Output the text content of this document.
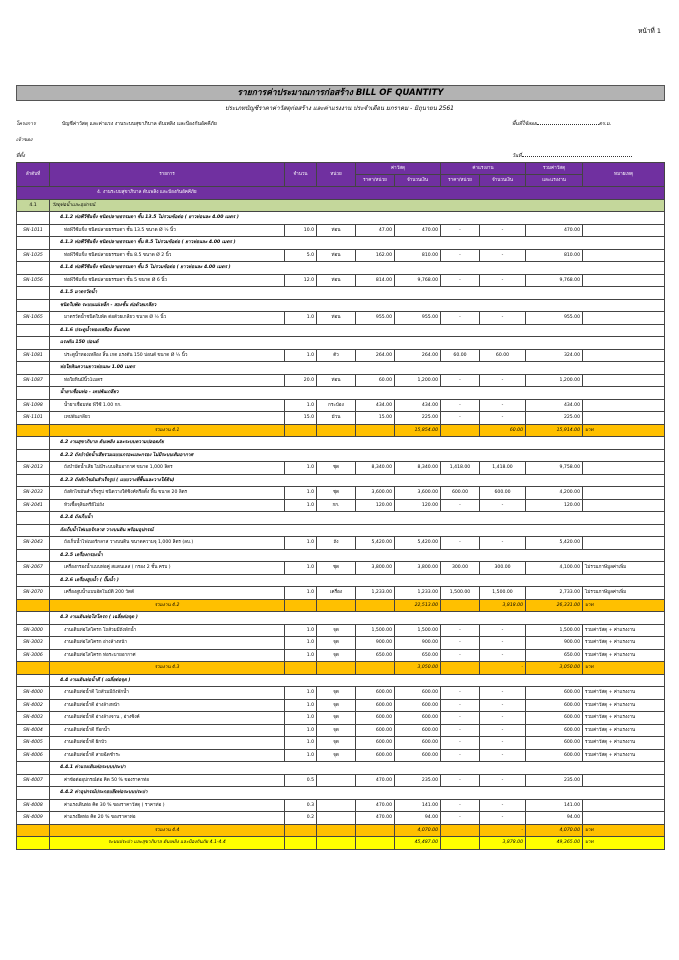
หน้าที่ 1
รายการค่าประมาณการก่อสร้าง BILL OF QUANTITY
ประเภทบัญชีราคาค่าวัสดุก่อสร้าง และค่าแรงงาน ประจำเดือน มกราคม - มิถุนายน 2561
โครงการ	บัญชีค่าวัสดุ และค่าแรง งานระบบสุขาภิบาล ดับเพลิง และป้องกันอัคคีภัย
เจ้าของ
ที่ตั้ง
พื้นที่ใช้สอย	ตร.ม.
วันที่
ลำดับที่	รายการ	จำนวน	หน่วย	ค่าวัสดุ		ค่าแรงงาน		รวมค่าวัสดุ	หมายเหตุ
				ราคา/หน่วย	จำนวนเงิน	ราคา/หน่วย	จำนวนเงิน	และแรงงาน	
4. งานระบบสุขาภิบาล ดับเพลิง และป้องกันอัคคีภัย									
4.1	วัสดุท่อน้ำและอุปกรณ์								
	4.1.2 ท่อพีวีซีแข็ง ชนิดปลายธรรมดา ชั้น 13.5 ไม่รวมข้อต่อ ( ยาวท่อนละ 4.00 เมตร )								
SN-1011	ท่อพีวีซีแข็ง ชนิดปลายธรรมดา ชั้น 13.5 ขนาด Ø ½ นิ้ว	10.0	ท่อน	47.00	470.00	-	-	470.00	
	4.1.3 ท่อพีวีซีแข็ง ชนิดปลายธรรมดา ชั้น 8.5 ไม่รวมข้อต่อ ( ยาวท่อนละ 4.00 เมตร )								
SN-1035	ท่อพีวีซีแข็ง ชนิดปลายธรรมดา ชั้น 8.5 ขนาด Ø 2 นิ้ว	5.0	ท่อน	162.00	810.00	-	-	810.00	
	4.1.4 ท่อพีวีซีแข็ง ชนิดปลายธรรมดา ชั้น 5 ไม่รวมข้อต่อ ( ยาวท่อนละ 4.00 เมตร )								
SN-1056	ท่อพีวีซีแข็ง ชนิดปลายธรรมดา ชั้น 5 ขนาด Ø 6 นิ้ว	12.0	ท่อน	814.00	9,768.00	-	-	9,768.00	
	4.1.5 มาตรวัดน้ำ								
	ชนิดใบพัด ระบบแม่เหล็ก - สองชั้น ต่อด้วยเกลียว								
SN-1065	มาตรวัดน้ำชนิดใบพัด ต่อด้วยเกลียว ขนาด Ø ½ นิ้ว	1.0	ท่อน	955.00	955.00	-	-	955.00	
	4.1.6 ประตูน้ำทองเหลือง ลิ้นเกตต								
	แรงดัน 150 ปอนด์								
SN-1081	ประตูน้ำทองเหลือง ลิ้น เกต แรงดัน 150 ปอนด์ ขนาด Ø ½ นิ้ว	1.0	ตัว	264.00	264.00	60.00	60.00	324.00	
	ท่อใยหินความยาวท่อนละ 1.00 เมตร								
SN-1087	ท่อใยหินมีนิ้ว1เมตร	20.0	ท่อน	60.00	1,200.00	-	-	1,200.00	
	น้ำยาเชื่อมท่อ - เทปพันเกลียว								
SN-1098	น้ำยาเชื่อมท่อ พีวีซี 1.00 กก.	1.0	กระป๋อง	434.00	434.00	-	-	434.00	
SN-1101	เทปพันเกลียว	15.0	ม้วน	15.00	225.00	-	-	225.00	
	รวมงาน 4.1				15,854.00		60.00	15,914.00	บาท
	4.2 งานสุขาภิบาล ดับเพลิง และระบบความปลอดภัย								
	4.2.2 ถังบำบัดน้ำเสียรวมแบบเกรอะและกรอง ไม่มีระบบเติมอากาศ								
SN-2013	ถังบำบัดน้ำเสีย ไม่มีระบบเติมอากาศ ขนาด 1,000 ลิตร	1.0	ชุด	8,340.00	8,340.00	1,418.00	1,418.00	9,758.00	
	4.2.3 ถังดักไขมันสำเร็จรูป ( แบบวางที่พื้นและวางใต้ดิน)								
SN-2033	ถังดักไขมันสำเร็จรูป ชนิดวางใต้ซิงค์หรือตั้ง พื้น ขนาด 20 ลิตร	1.0	ชุด	3,600.00	3,600.00	600.00	600.00	4,200.00	
SN-2041	หัวเชื้อจุลินทรีย์ไม่ถัง	1.0	กก.	120.00	120.00	-	-	120.00	
	4.2.4 ถังเก็บน้ำ								
	ถังเก็บน้ำไฟเบอร์กลาส วางบนดิน พร้อมอุปกรณ์								
SN-2043	ถังเก็บน้ำไฟเบอร์กลาส วางบนดิน ขนาดความจุ 1,000 ลิตร (ลบ.)	1.0	ถัง	5,420.00	5,420.00	-	-	5,420.00	
	4.2.5 เครื่องกรองน้ำ								
SN-2067	เครื่องกรองน้ำแบบท่อคู่ สแตนเลส ( กรอง 2 ชั้น ครบ )	1.0	ชุด	3,800.00	3,800.00	300.00	300.00	4,100.00	ไม่รวมภาษีมูลค่าเพิ่ม
	4.2.6 เครื่องสูบน้ำ ( ปั๊มน้ำ )								
SN-2070	เครื่องสูบน้ำแบบอัตโนมัติ 200 วัตต์	1.0	เครื่อง	1,233.00	1,233.00	1,500.00	1,500.00	2,733.00	ไม่รวมภาษีมูลค่าเพิ่ม
	รวมงาน 4.2				22,513.00		3,818.00	26,331.00	บาท
	4.3 งานเดินท่อโสโครก ( เฉลี่ยต่อจุด )								
SN-3000	งานเดินท่อโสโครก โถส้วมมีถังพักน้ำ	1.0	จุด	1,500.00	1,500.00	-	-	1,500.00	รวมค่าวัสดุ + ค่าแรงงาน
SN-3003	งานเดินท่อโสโครก อ่างล้างหน้า	1.0	จุด	900.00	900.00	-	-	900.00	รวมค่าวัสดุ + ค่าแรงงาน
SN-3006	งานเดินท่อโสโครก ท่อระบายอากาศ	1.0	จุด	650.00	650.00	-	-	650.00	รวมค่าวัสดุ + ค่าแรงงาน
	รวมงาน 4.3				3,050.00		-	3,050.00	บาท
	4.4 งานเดินท่อน้ำดี ( เฉลี่ยต่อจุด )								
SN-4000	งานเดินท่อน้ำดี โถส้วมมีถังพักน้ำ	1.0	จุด	600.00	600.00	-	-	600.00	รวมค่าวัสดุ + ค่าแรงงาน
SN-4002	งานเดินท่อน้ำดี อ่างล้างหน้า	1.0	จุด	600.00	600.00	-	-	600.00	รวมค่าวัสดุ + ค่าแรงงาน
SN-4003	งานเดินท่อน้ำดี อ่างล้างจาน , อ่างซิงค์	1.0	จุด	600.00	600.00	-	-	600.00	รวมค่าวัสดุ + ค่าแรงงาน
SN-4004	งานเดินท่อน้ำดี ก๊อกน้ำ	1.0	จุด	600.00	600.00	-	-	600.00	รวมค่าวัสดุ + ค่าแรงงาน
SN-4005	งานเดินท่อน้ำดี ฝักบัว	1.0	จุด	600.00	600.00	-	-	600.00	รวมค่าวัสดุ + ค่าแรงงาน
SN-4006	งานเดินท่อน้ำดี สายฉีดชำระ	1.0	จุด	600.00	600.00	-	-	600.00	รวมค่าวัสดุ + ค่าแรงงาน
	4.4.1 ค่าแรงเดินท่อระบบประปา								
SN-4007	ค่าข้อต่ออุปกรณ์ต่อ คิด 50 % ของราคาท่อ	0.5		470.00	235.00	-	-	235.00	
	4.4.2 ค่าอุปกรณ์ประกอบยึดท่อระบบประปา								
SN-4008	ค่าแรงเดินท่อ คิด 30 % ของราคาวัสดุ ( ราคาท่อ )	0.3		470.00	141.00	-	-	141.00	
SN-4009	ค่าแรงยึดท่อ คิด 20 % ของราคาท่อ	0.2		470.00	94.00	-	-	94.00	
	รวมงาน 4.4				4,070.00		-	4,070.00	บาท
	ระบบประปา และสุขาภิบาล ดับเพลิง และป้องกันภัย 4.1-4.4				45,487.00		3,878.00	49,365.00	บาท
